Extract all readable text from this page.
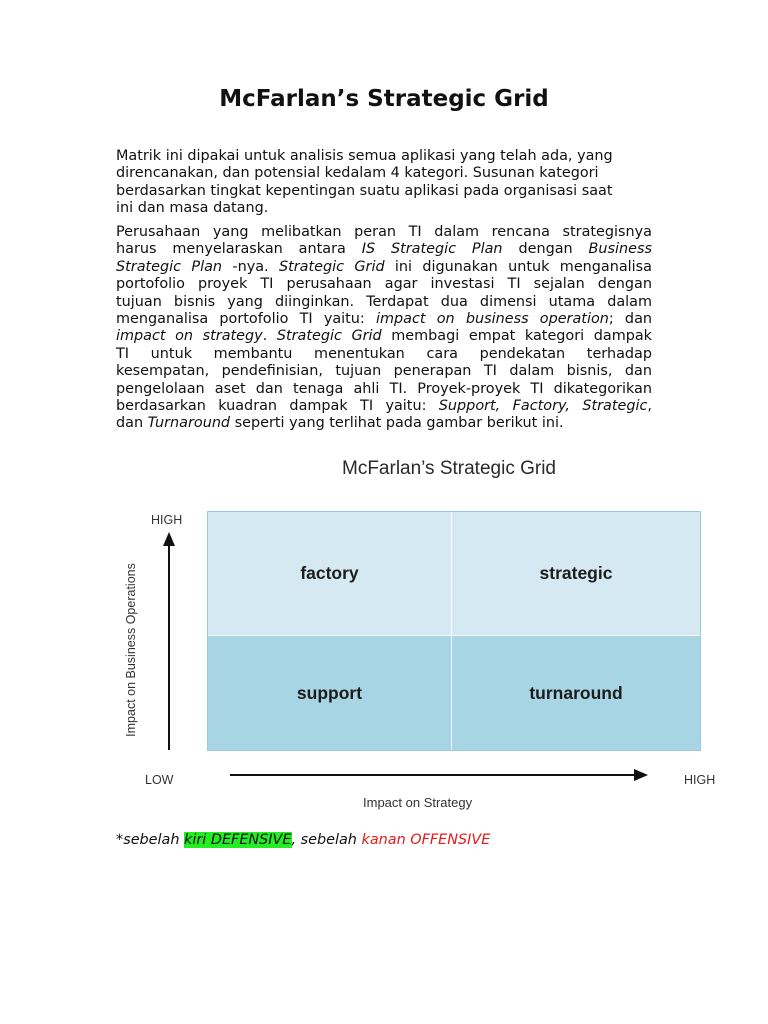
McFarlan’s Strategic Grid
Matrik ini dipakai untuk analisis semua aplikasi yang telah ada, yang
direncanakan, dan potensial kedalam 4 kategori. Susunan kategori
berdasarkan tingkat kepentingan suatu aplikasi pada organisasi saat
ini dan masa datang.
Perusahaan yang melibatkan peran TI dalam rencana strategisnya
harus menyelaraskan antara IS Strategic Plan dengan Business
Strategic Plan -nya. Strategic Grid ini digunakan untuk menganalisa
portofolio proyek TI perusahaan agar investasi TI sejalan dengan
tujuan bisnis yang diinginkan. Terdapat dua dimensi utama dalam
menganalisa portofolio TI yaitu: impact on business operation; dan
impact on strategy. Strategic Grid membagi empat kategori dampak
TI untuk membantu menentukan cara pendekatan terhadap
kesempatan, pendefinisian, tujuan penerapan TI dalam bisnis, dan
pengelolaan aset dan tenaga ahli TI. Proyek-proyek TI dikategorikan
berdasarkan kuadran dampak TI yaitu: Support, Factory, Strategic,
dan Turnaround seperti yang terlihat pada gambar berikut ini.
McFarlan’s Strategic Grid
HIGH
Impact on Business Operations	factory	strategic
support	turnaround
LOW	HIGH
Impact on Strategy
*sebelah kiri DEFENSIVE, sebelah kanan OFFENSIVE
